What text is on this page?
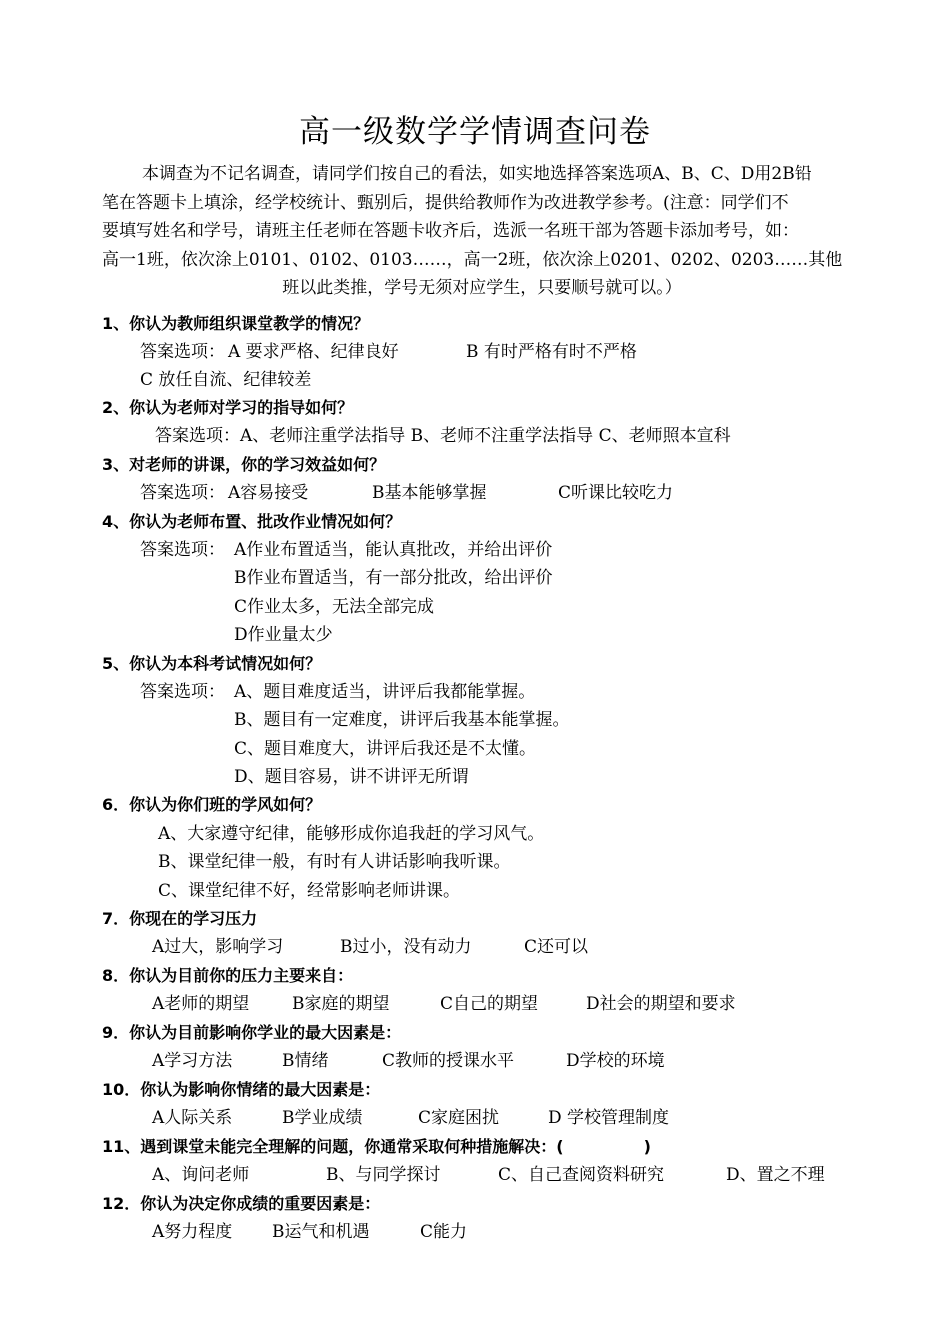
高一级数学学情调查问卷
本调查为不记名调查，请同学们按自己的看法，如实地选择答案选项A、B、C、D用2B铅
笔在答题卡上填涂，经学校统计、甄别后，提供给教师作为改进教学参考。(注意：同学们不
要填写姓名和学号，请班主任老师在答题卡收齐后，选派一名班干部为答题卡添加考号，如：
高一1班，依次涂上0101、0102、0103……，高一2班，依次涂上0201、0202、0203……其他
班以此类推，学号无须对应学生，只要顺号就可以。）
1、你认为教师组织课堂教学的情况？
答案选项： A 要求严格、纪律良好	B 有时严格有时不严格
C 放任自流、纪律较差
2、你认为老师对学习的指导如何？
答案选项：A、老师注重学法指导 B、老师不注重学法指导 C、老师照本宣科
3、对老师的讲课，你的学习效益如何？
答案选项： A容易接受	B基本能够掌握	C听课比较吃力
4、你认为老师布置、批改作业情况如何？
答案选项： A作业布置适当，能认真批改，并给出评价
B作业布置适当，有一部分批改，给出评价
C作业太多，无法全部完成
D作业量太少
5、你认为本科考试情况如何？
答案选项： A、题目难度适当，讲评后我都能掌握。
B、题目有一定难度，讲评后我基本能掌握。
C、题目难度大，讲评后我还是不太懂。
D、题目容易，讲不讲评无所谓
6．你认为你们班的学风如何？
A、大家遵守纪律，能够形成你追我赶的学习风气。
B、课堂纪律一般，有时有人讲话影响我听课。
C、课堂纪律不好，经常影响老师讲课。
7．你现在的学习压力
A过大，影响学习	B过小，没有动力	C还可以
8．你认为目前你的压力主要来自：
A老师的期望	B家庭的期望	C自己的期望	D社会的期望和要求
9．你认为目前影响你学业的最大因素是：
A学习方法	B情绪	C教师的授课水平	D学校的环境
10．你认为影响你情绪的最大因素是：
A人际关系	B学业成绩	C家庭困扰	D 学校管理制度
11、遇到课堂未能完全理解的问题，你通常采取何种措施解决：(　　　　　)
A、询问老师	B、与同学探讨	C、自己查阅资料研究	D、置之不理
12．你认为决定你成绩的重要因素是：
A努力程度 B运气和机遇	C能力
